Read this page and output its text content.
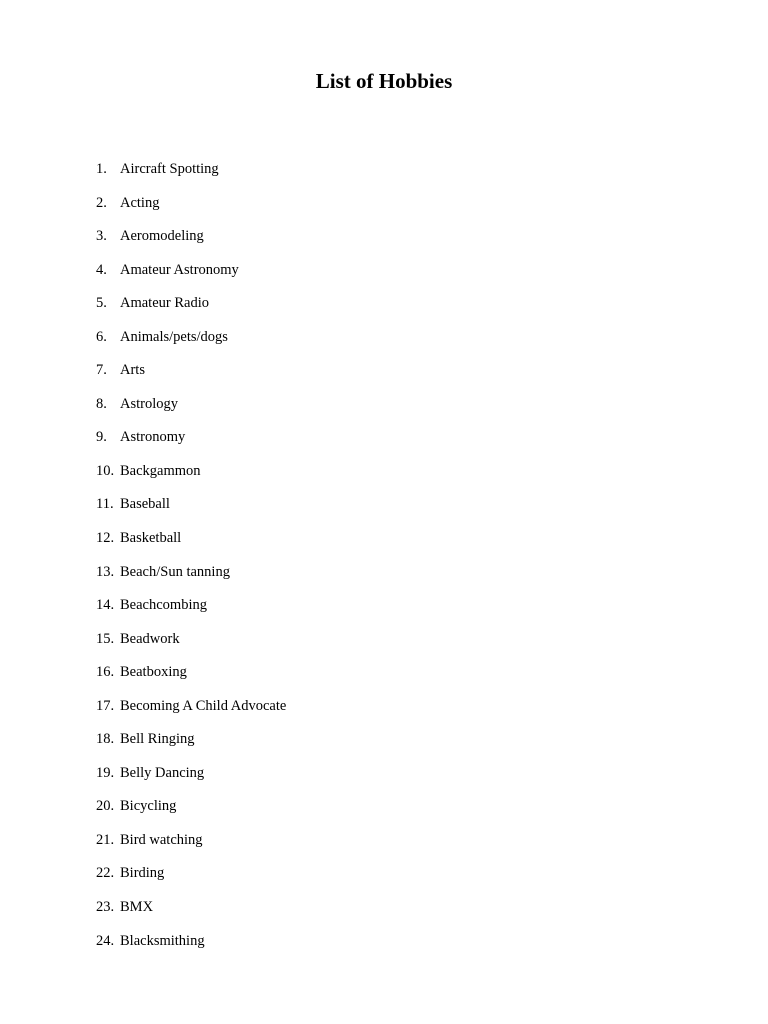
List of Hobbies
1. Aircraft Spotting
2. Acting
3. Aeromodeling
4. Amateur Astronomy
5. Amateur Radio
6. Animals/pets/dogs
7. Arts
8. Astrology
9. Astronomy
10. Backgammon
11. Baseball
12. Basketball
13. Beach/Sun tanning
14. Beachcombing
15. Beadwork
16. Beatboxing
17. Becoming A Child Advocate
18. Bell Ringing
19. Belly Dancing
20. Bicycling
21. Bird watching
22. Birding
23. BMX
24. Blacksmithing
